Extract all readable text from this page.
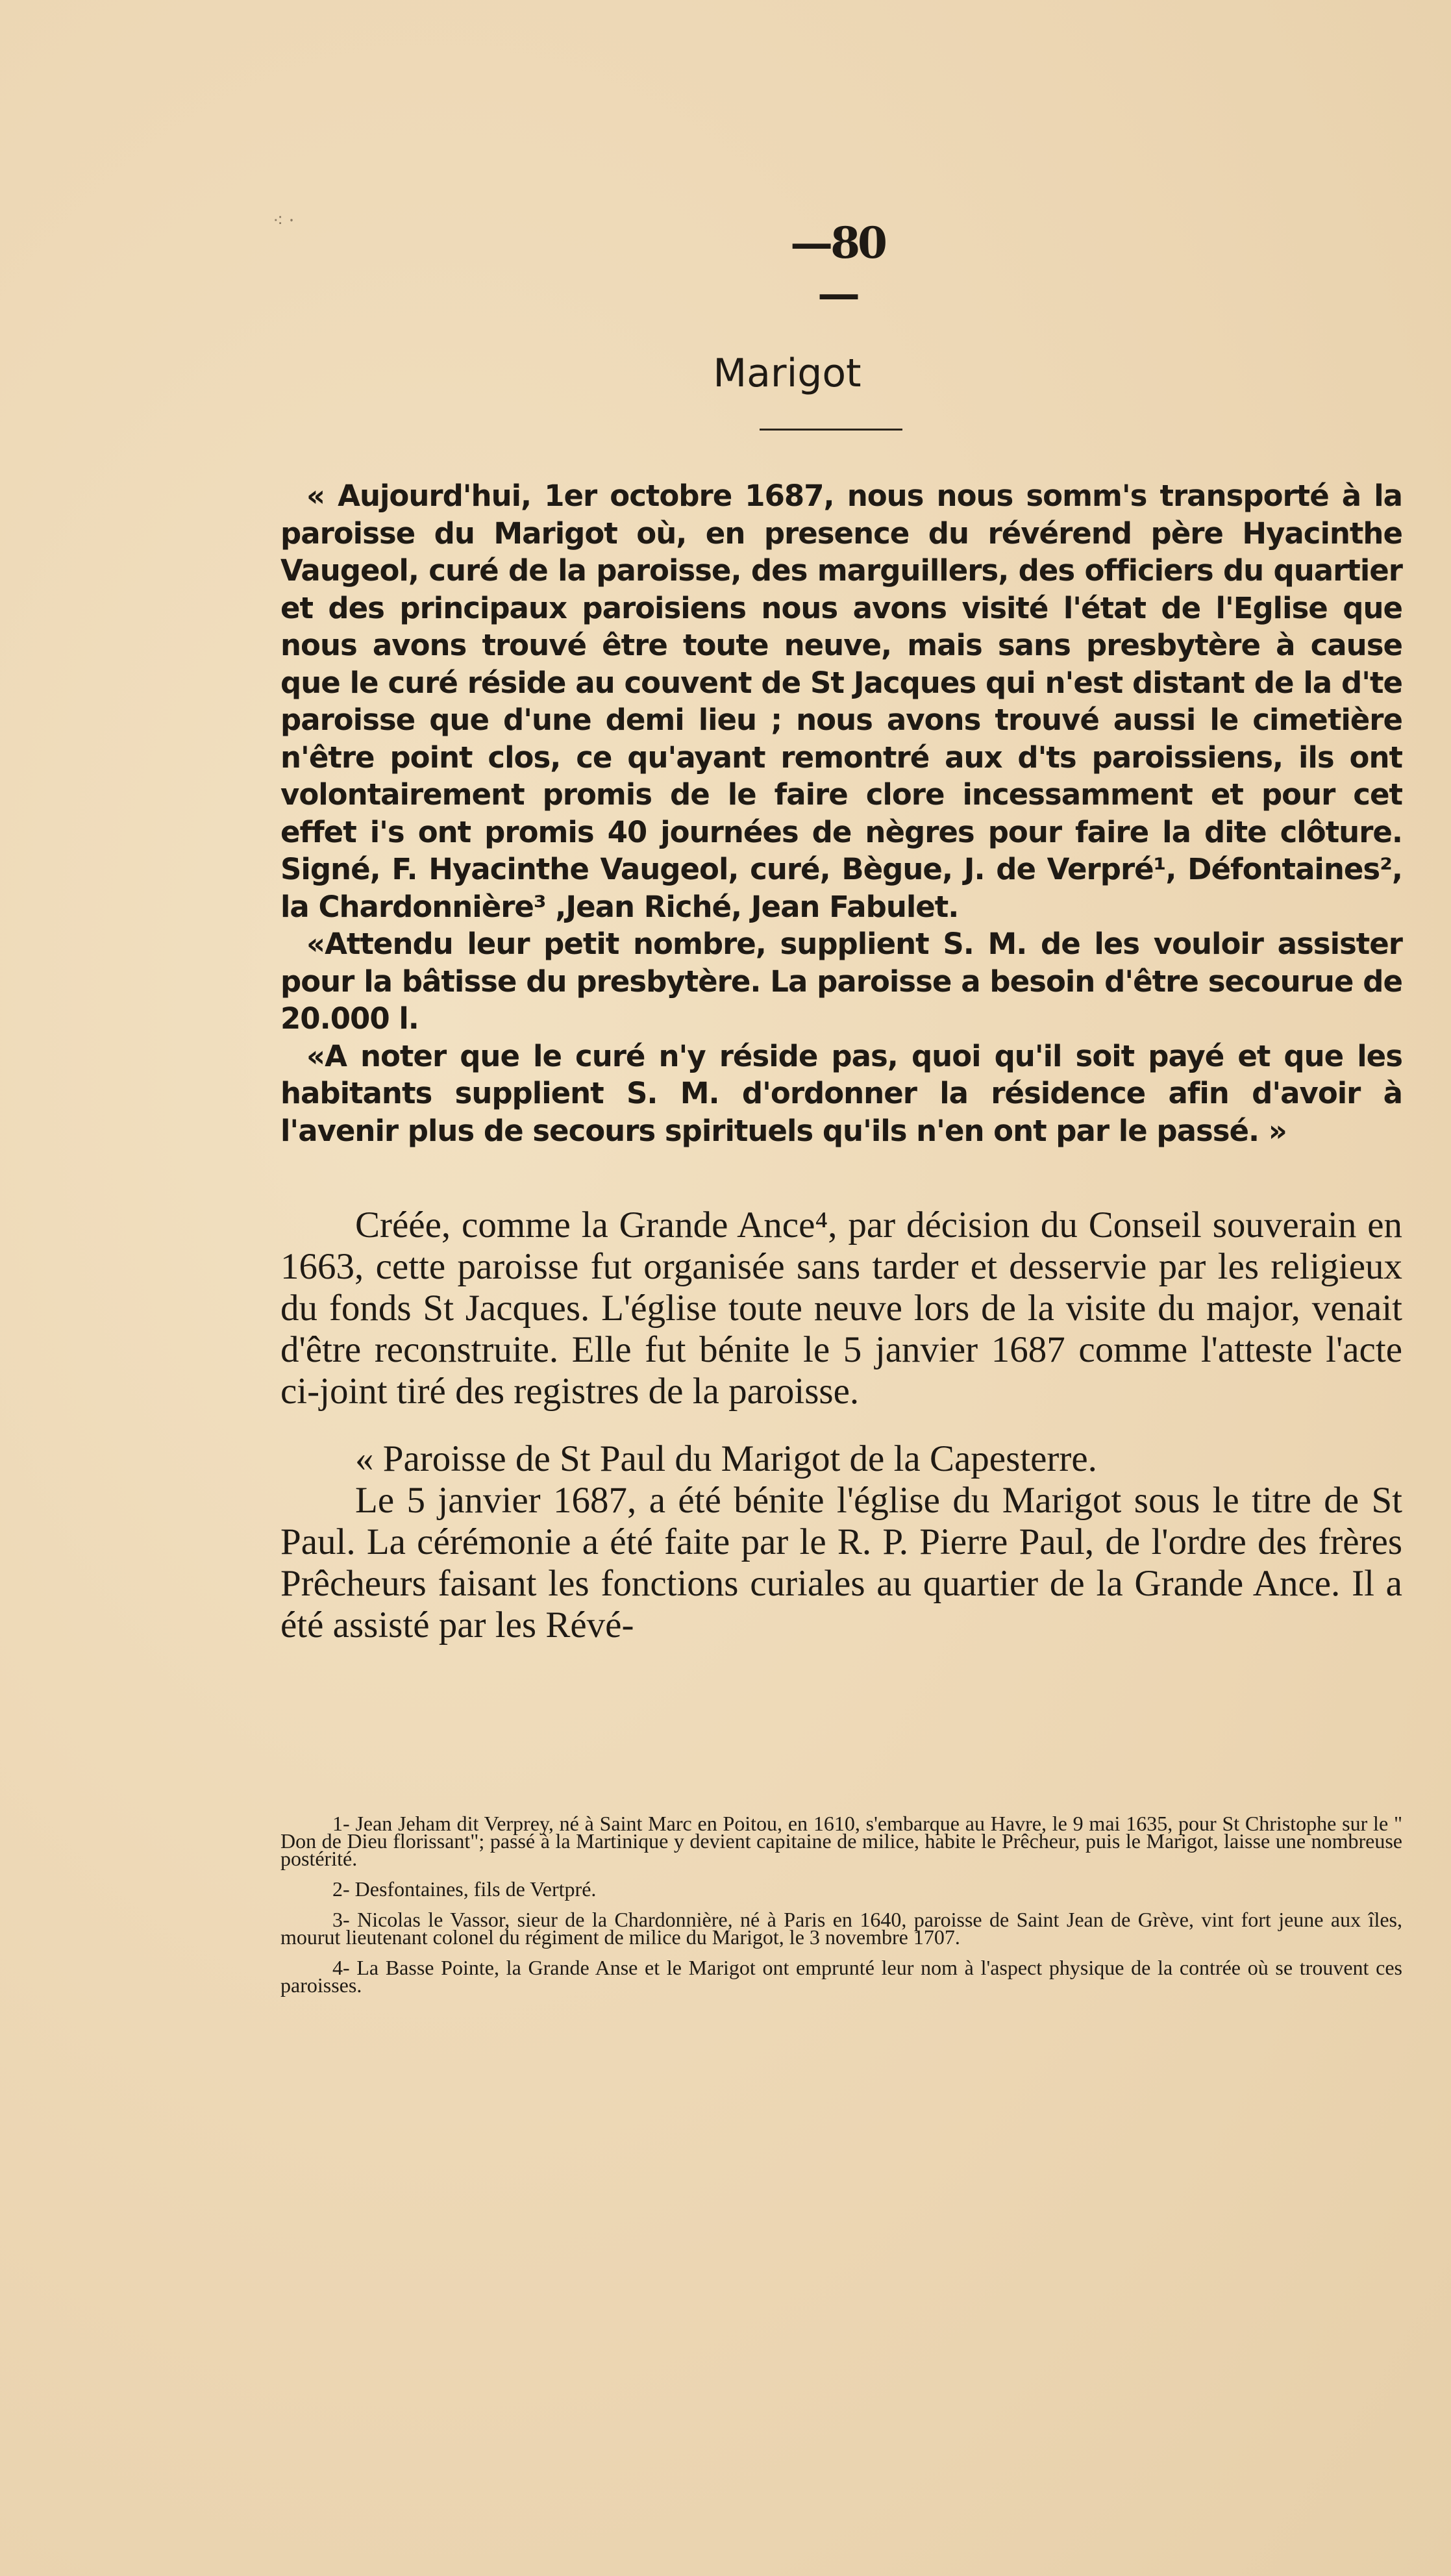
⁖ ⸱	—80—
Marigot

« Aujourd'hui, 1er octobre 1687, nous nous somm's transporté à la paroisse du Marigot où, en presence du révérend père Hyacinthe Vaugeol, curé de la paroisse, des marguillers, des officiers du quartier et des principaux paroisiens nous avons visité l'état de l'Eglise que nous avons trouvé être toute neuve, mais sans presbytère à cause que le curé réside au couvent de St Jacques qui n'est distant de la d'te paroisse que d'une demi lieu ; nous avons trouvé aussi le cimetière n'être point clos, ce qu'ayant remontré aux d'ts paroissiens, ils ont volontairement promis de le faire clore incessamment et pour cet effet i's ont promis 40 journées de nègres pour faire la dite clôture. Signé, F. Hyacinthe Vaugeol, curé, Bègue, J. de Verpré¹, Défontaines², la Chardonnière³ ,Jean Riché, Jean Fabulet.

«Attendu leur petit nombre, supplient S. M. de les vouloir assister pour la bâtisse du presbytère. La paroisse a besoin d'être secourue de 20.000 l.

«A noter que le curé n'y réside pas, quoi qu'il soit payé et que les habitants supplient S. M. d'ordonner la résidence afin d'avoir à l'avenir plus de secours spirituels qu'ils n'en ont par le passé. »

Créée, comme la Grande Ance⁴, par décision du Conseil souverain en 1663, cette paroisse fut organisée sans tarder et desservie par les religieux du fonds St Jacques. L'église toute neuve lors de la visite du major, venait d'être reconstruite. Elle fut bénite le 5 janvier 1687 comme l'atteste l'acte ci-joint tiré des registres de la paroisse.

« Paroisse de St Paul du Marigot de la Capesterre.

Le 5 janvier 1687, a été bénite l'église du Marigot sous le titre de St Paul. La cérémonie a été faite par le R. P. Pierre Paul, de l'ordre des frères Prêcheurs faisant les fonctions curiales au quartier de la Grande Ance. Il a été assisté par les Révé-

1- Jean Jeham dit Verprey, né à Saint Marc en Poitou, en 1610, s'embarque au Havre, le 9 mai 1635, pour St Christophe sur le " Don de Dieu florissant"; passé à la Martinique y devient capitaine de milice, habite le Prêcheur, puis le Marigot, laisse une nombreuse postérité.

2- Desfontaines, fils de Vertpré.

3- Nicolas le Vassor, sieur de la Chardonnière, né à Paris en 1640, paroisse de Saint Jean de Grève, vint fort jeune aux îles, mourut lieutenant colonel du régiment de milice du Marigot, le 3 novembre 1707.

4- La Basse Pointe, la Grande Anse et le Marigot ont emprunté leur nom à l'aspect physique de la contrée où se trouvent ces paroisses.
